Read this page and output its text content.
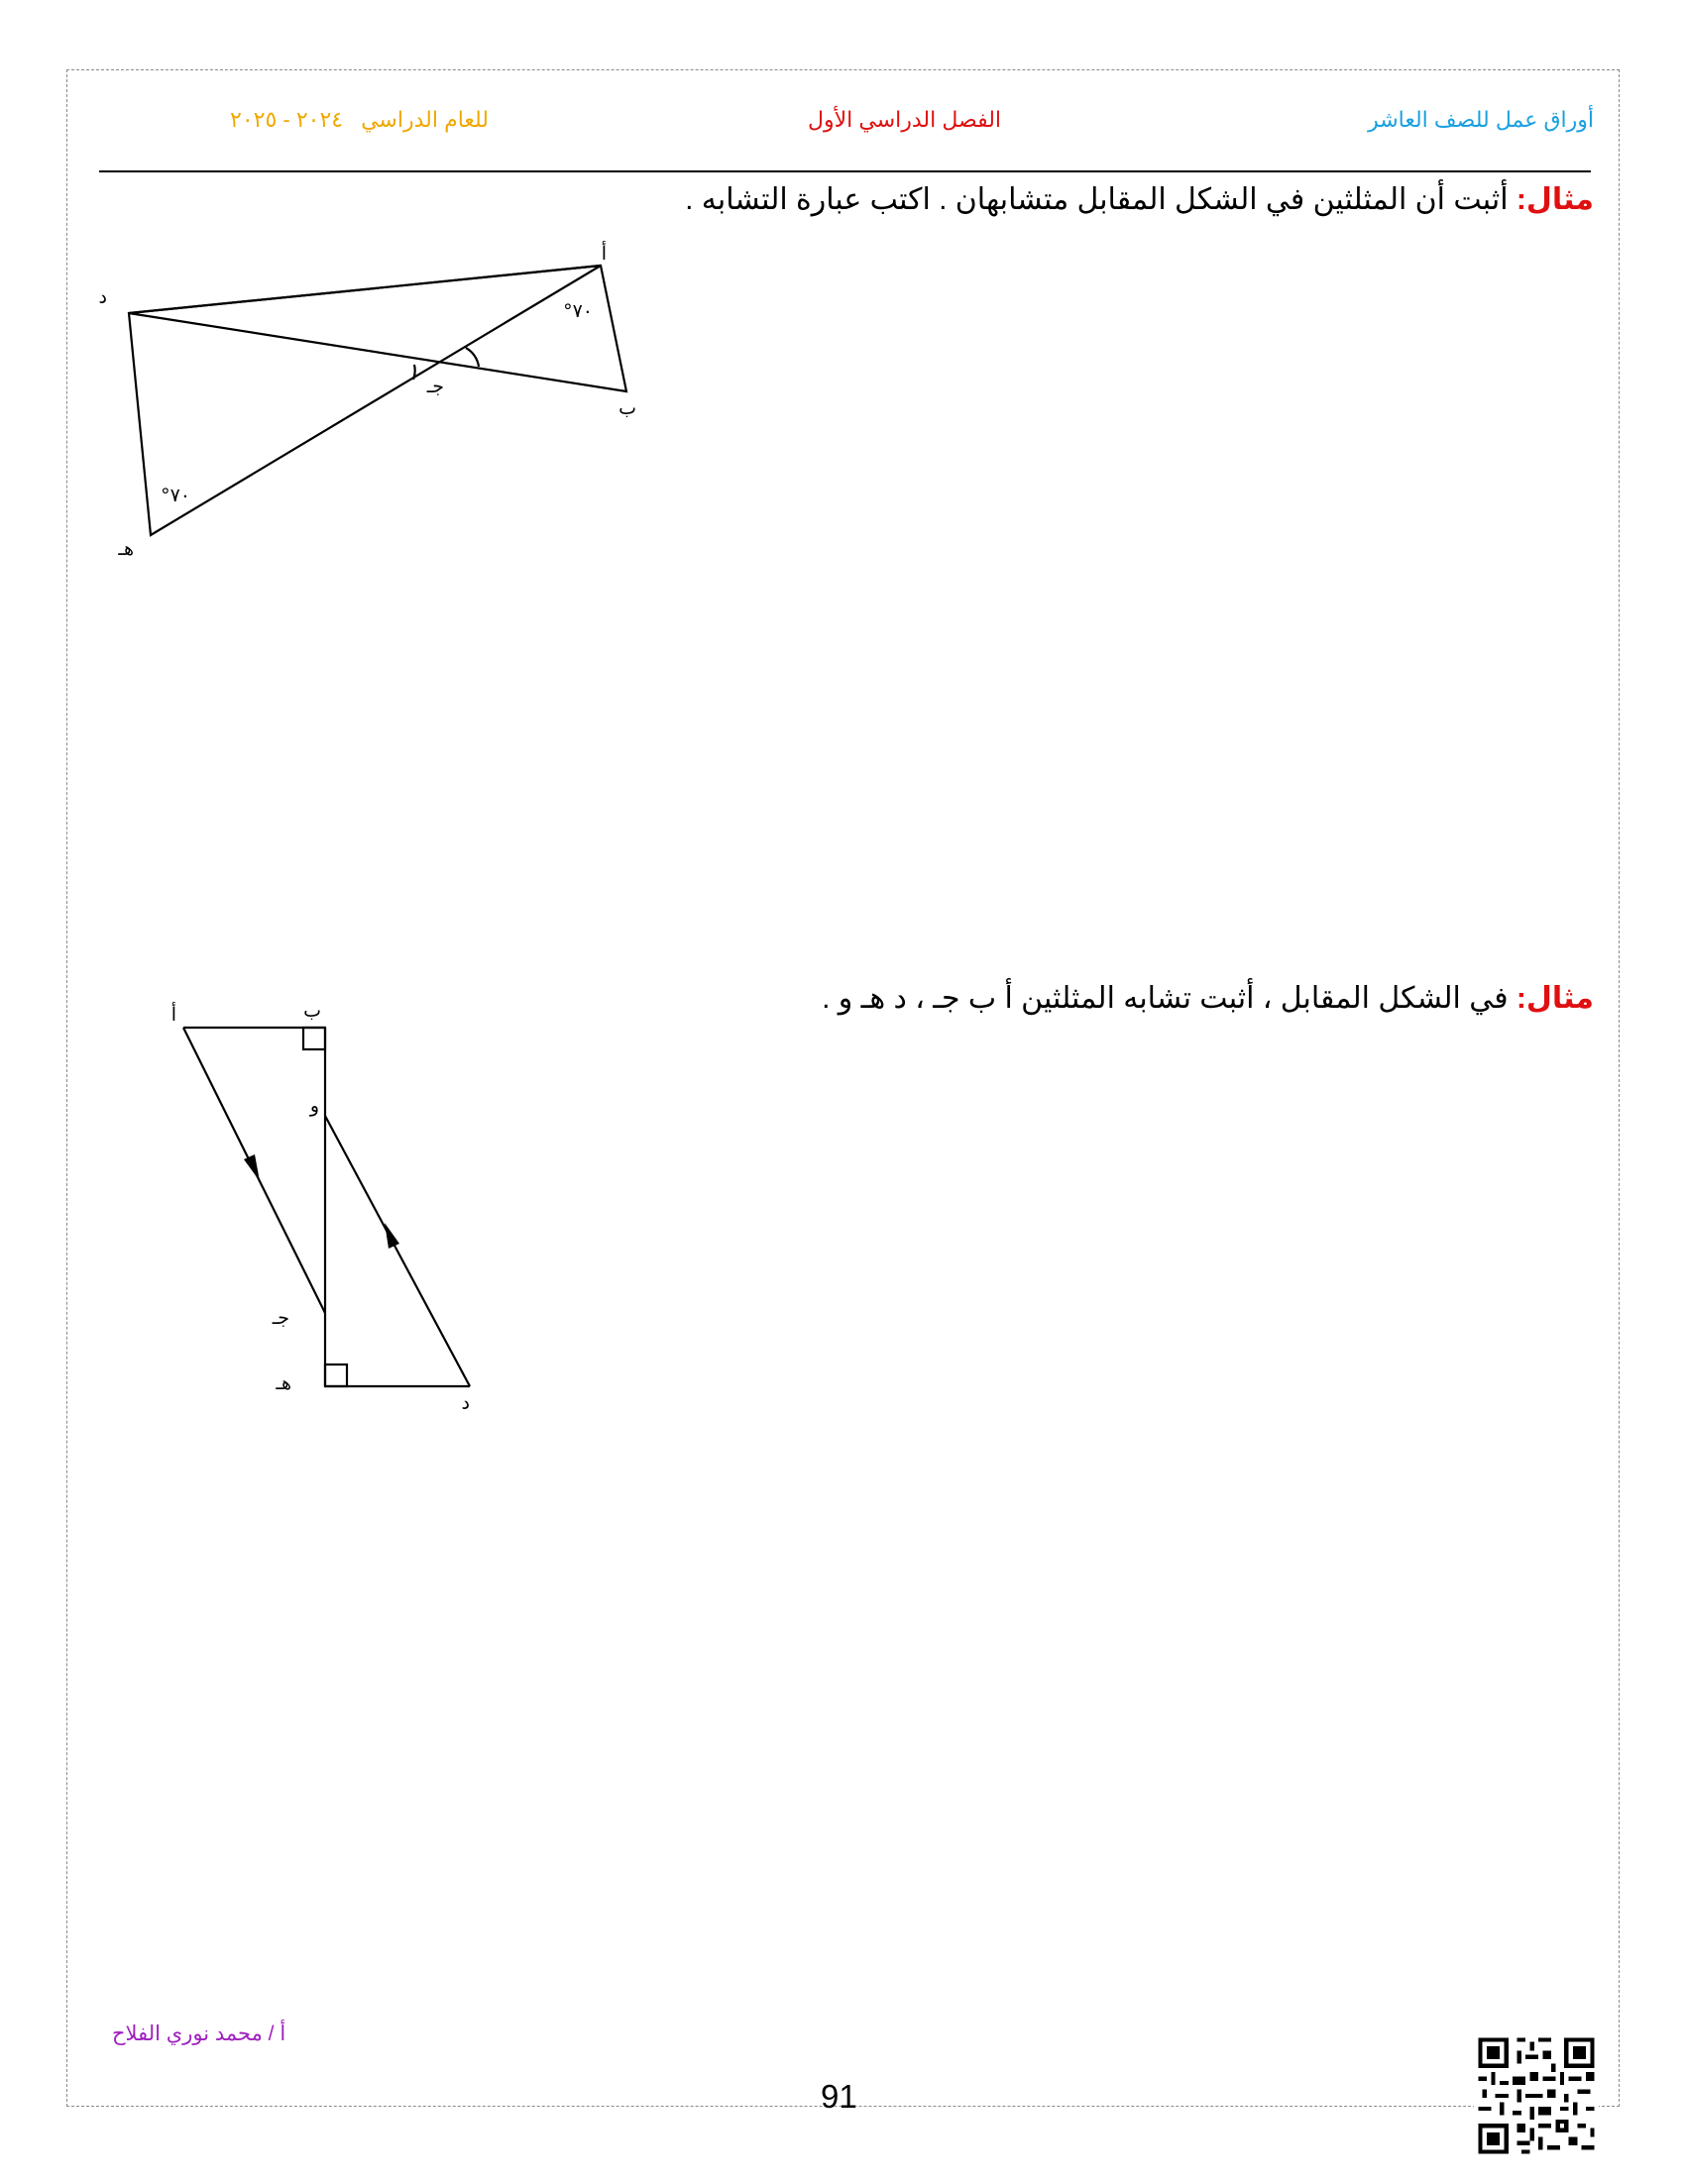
أوراق عمل للصف العاشر
الفصل الدراسي الأول
للعام الدراسي٢٠٢٤ - ٢٠٢٥
مثال: أثبت أن المثلثين في الشكل المقابل متشابهان . اكتب عبارة التشابه .
أ
ب
جـ
د
هـ
٧٠°
٧٠°
مثال: في الشكل المقابل ، أثبت تشابه المثلثين أ ب جـ ، د هـ و .
أ	ب
و
جـ
هـ
د
أ / محمد نوري الفلاح
91
